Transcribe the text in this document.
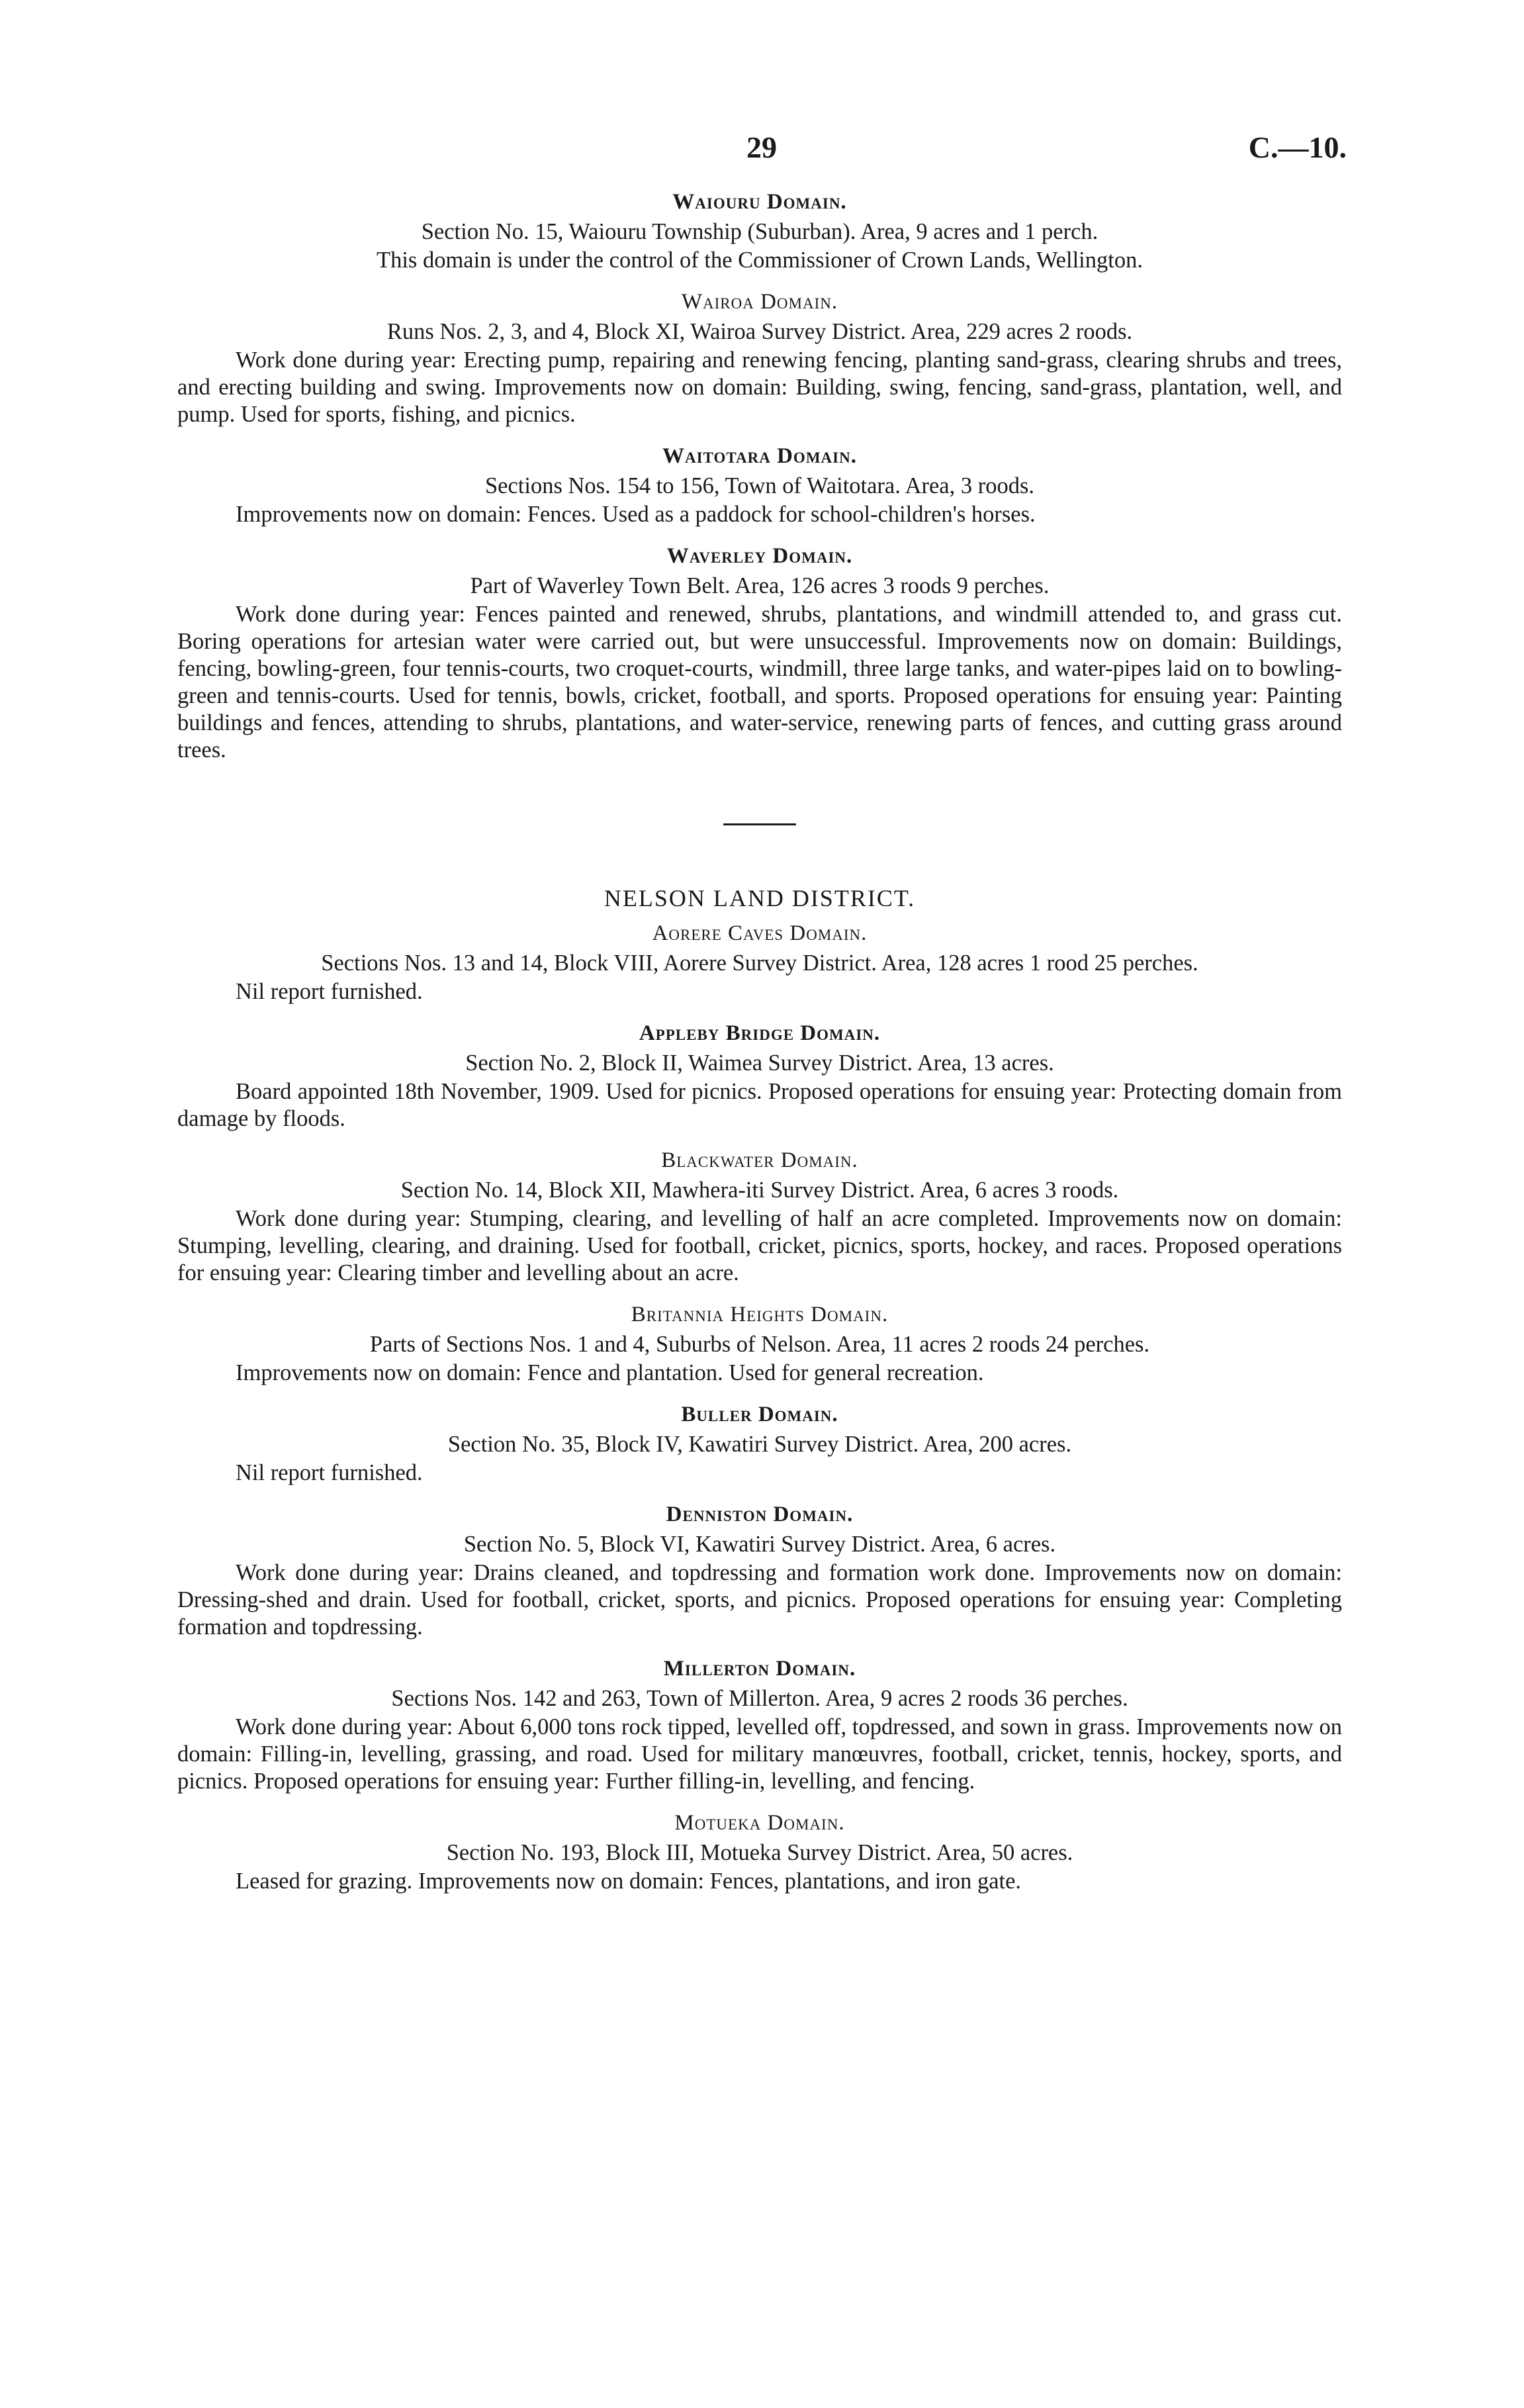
29	C.—10.
Waiouru Domain.

Section No. 15, Waiouru Township (Suburban). Area, 9 acres and 1 perch.

This domain is under the control of the Commissioner of Crown Lands, Wellington.

Wairoa Domain.

Runs Nos. 2, 3, and 4, Block XI, Wairoa Survey District. Area, 229 acres 2 roods.

Work done during year: Erecting pump, repairing and renewing fencing, planting sand-grass, clearing shrubs and trees, and erecting building and swing. Improvements now on domain: Building, swing, fencing, sand-grass, plantation, well, and pump. Used for sports, fishing, and picnics.

Waitotara Domain.

Sections Nos. 154 to 156, Town of Waitotara. Area, 3 roods.

Improvements now on domain: Fences. Used as a paddock for school-children's horses.

Waverley Domain.

Part of Waverley Town Belt. Area, 126 acres 3 roods 9 perches.

Work done during year: Fences painted and renewed, shrubs, plantations, and windmill attended to, and grass cut. Boring operations for artesian water were carried out, but were unsuccessful. Improvements now on domain: Buildings, fencing, bowling-green, four tennis-courts, two croquet-courts, windmill, three large tanks, and water-pipes laid on to bowling-green and tennis-courts. Used for tennis, bowls, cricket, football, and sports. Proposed operations for ensuing year: Painting buildings and fences, attending to shrubs, plantations, and water-service, renewing parts of fences, and cutting grass around trees.

NELSON LAND DISTRICT.
Aorere Caves Domain.

Sections Nos. 13 and 14, Block VIII, Aorere Survey District. Area, 128 acres 1 rood 25 perches.

Nil report furnished.

Appleby Bridge Domain.

Section No. 2, Block II, Waimea Survey District. Area, 13 acres.

Board appointed 18th November, 1909. Used for picnics. Proposed operations for ensuing year: Protecting domain from damage by floods.

Blackwater Domain.

Section No. 14, Block XII, Mawhera-iti Survey District. Area, 6 acres 3 roods.

Work done during year: Stumping, clearing, and levelling of half an acre completed. Improvements now on domain: Stumping, levelling, clearing, and draining. Used for football, cricket, picnics, sports, hockey, and races. Proposed operations for ensuing year: Clearing timber and levelling about an acre.

Britannia Heights Domain.

Parts of Sections Nos. 1 and 4, Suburbs of Nelson. Area, 11 acres 2 roods 24 perches.

Improvements now on domain: Fence and plantation. Used for general recreation.

Buller Domain.

Section No. 35, Block IV, Kawatiri Survey District. Area, 200 acres.

Nil report furnished.

Denniston Domain.

Section No. 5, Block VI, Kawatiri Survey District. Area, 6 acres.

Work done during year: Drains cleaned, and topdressing and formation work done. Improvements now on domain: Dressing-shed and drain. Used for football, cricket, sports, and picnics. Proposed operations for ensuing year: Completing formation and topdressing.

Millerton Domain.

Sections Nos. 142 and 263, Town of Millerton. Area, 9 acres 2 roods 36 perches.

Work done during year: About 6,000 tons rock tipped, levelled off, topdressed, and sown in grass. Improvements now on domain: Filling-in, levelling, grassing, and road. Used for military manœuvres, football, cricket, tennis, hockey, sports, and picnics. Proposed operations for ensuing year: Further filling-in, levelling, and fencing.

Motueka Domain.

Section No. 193, Block III, Motueka Survey District. Area, 50 acres.

Leased for grazing. Improvements now on domain: Fences, plantations, and iron gate.
